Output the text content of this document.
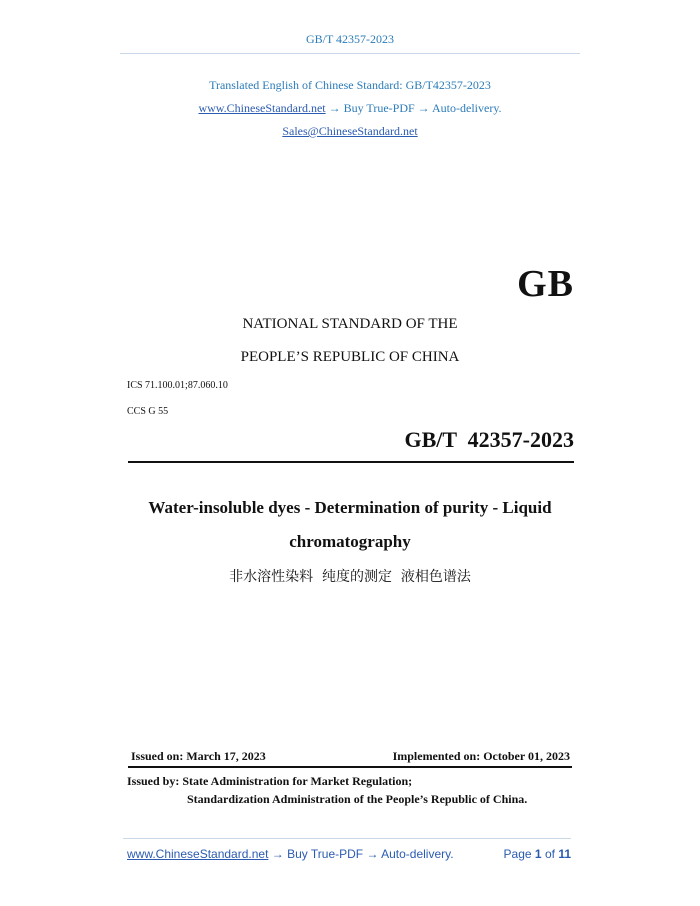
GB/T 42357-2023
Translated English of Chinese Standard: GB/T42357-2023
www.ChineseStandard.net → Buy True-PDF → Auto-delivery.
Sales@ChineseStandard.net
GB
NATIONAL STANDARD OF THE
PEOPLE’S REPUBLIC OF CHINA
ICS 71.100.01;87.060.10
CCS G 55
GB/T  42357-2023
Water-insoluble dyes - Determination of purity - Liquid
chromatography
非水溶性染料  纯度的测定  液相色谱法
Issued on: March 17, 2023	Implemented on: October 01, 2023
Issued by: State Administration for Market Regulation;
Standardization Administration of the People’s Republic of China.
www.ChineseStandard.net → Buy True-PDF → Auto-delivery.	Page 1 of 11
